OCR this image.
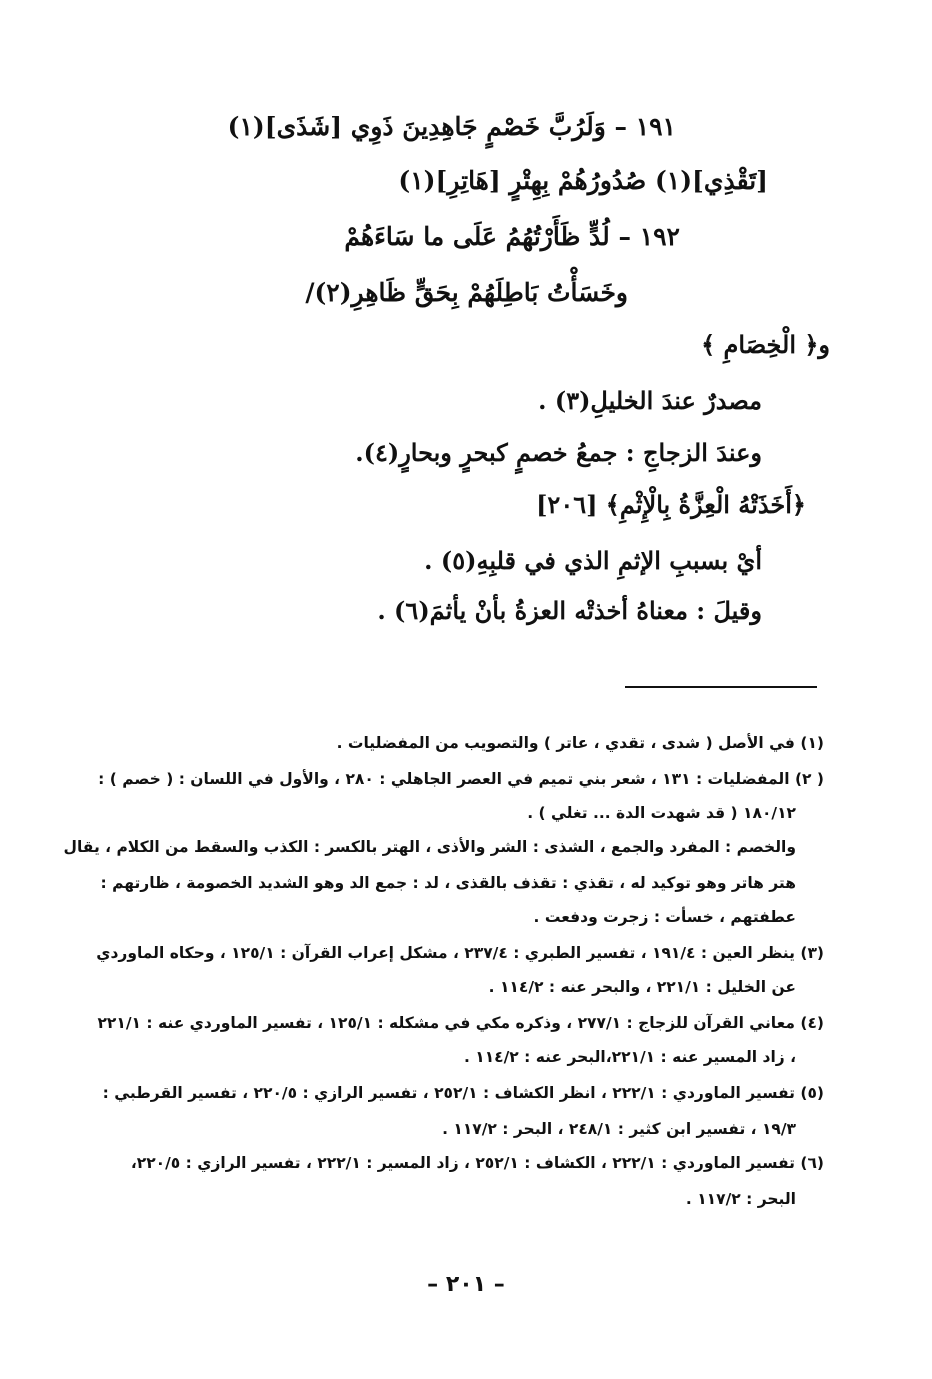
١٩١ – وَلَرُبَّ خَصْمٍ جَاهِدِينَ ذَوِي [شَذَى](١)
[تَقْذِي](١) صُدُورُهُمْ بِهِتْرٍ [هَاتِرِ](١)
١٩٢ – لُدٍّ ظَأَرْتُهُمُ عَلَى ما سَاءَهُمْ
وخَسَأْتُ بَاطِلَهُمْ بِحَقٍّ ظَاهِرِ(٢)/
و﴿ الْخِصَامِ ﴾
مصدرٌ عندَ الخليلِ(٣) .
وعندَ الزجاجِ : جمعُ خصمٍ كبحرٍ وبحارٍ(٤).
﴿أَخَذَتْهُ الْعِزَّةُ بِالْإِثْمِ﴾ [٢٠٦]
أيْ بسببِ الإثمِ الذي في قلبِهِ(٥) .
وقيلَ : معناهُ أخذتْه العزةُ بأنْ يأثمَ(٦) .
(١) في الأصل ( شدى ، تقدي ، عاتر ) والتصويب من المفضليات .
( ٢) المفضليات : ١٣١ ، شعر بني تميم في العصر الجاهلي : ٢٨٠ ، والأول في اللسان : ( خصم ) :
١٨٠/١٢ ( قد شهدت الدة ... تغلي ) .
والخصم : المفرد والجمع ، الشذى : الشر والأذى ، الهتر بالكسر : الكذب والسقط من الكلام ، يقال
هتر هاتر وهو توكيد له ، تقذي : تقذف بالقذى ، لد : جمع الد وهو الشديد الخصومة ، ظارتهم :
عطفتهم ، خسأت : زجرت ودفعت .
(٣) ينظر العين : ١٩١/٤ ، تفسير الطبري : ٢٣٧/٤ ، مشكل إعراب القرآن : ١٢٥/١ ، وحكاه الماوردي
عن الخليل : ٢٢١/١ ، والبحر عنه : ١١٤/٢ .
(٤) معاني القرآن للزجاج : ٢٧٧/١ ، وذكره مكي في مشكله : ١٢٥/١ ، تفسير الماوردي عنه : ٢٢١/١
، زاد المسير عنه : ٢٢١/١،البحر عنه : ١١٤/٢ .
(٥) تفسير الماوردي : ٢٢٢/١ ، انظر الكشاف : ٢٥٢/١ ، تفسير الرازي : ٢٢٠/٥ ، تفسير القرطبي :
١٩/٣ ، تفسير ابن كثير : ٢٤٨/١ ، البحر : ١١٧/٢ .
(٦) تفسير الماوردي : ٢٢٢/١ ، الكشاف : ٢٥٢/١ ، زاد المسير : ٢٢٢/١ ، تفسير الرازي : ٢٢٠/٥،
البحر : ١١٧/٢ .
– ٢٠١ –
